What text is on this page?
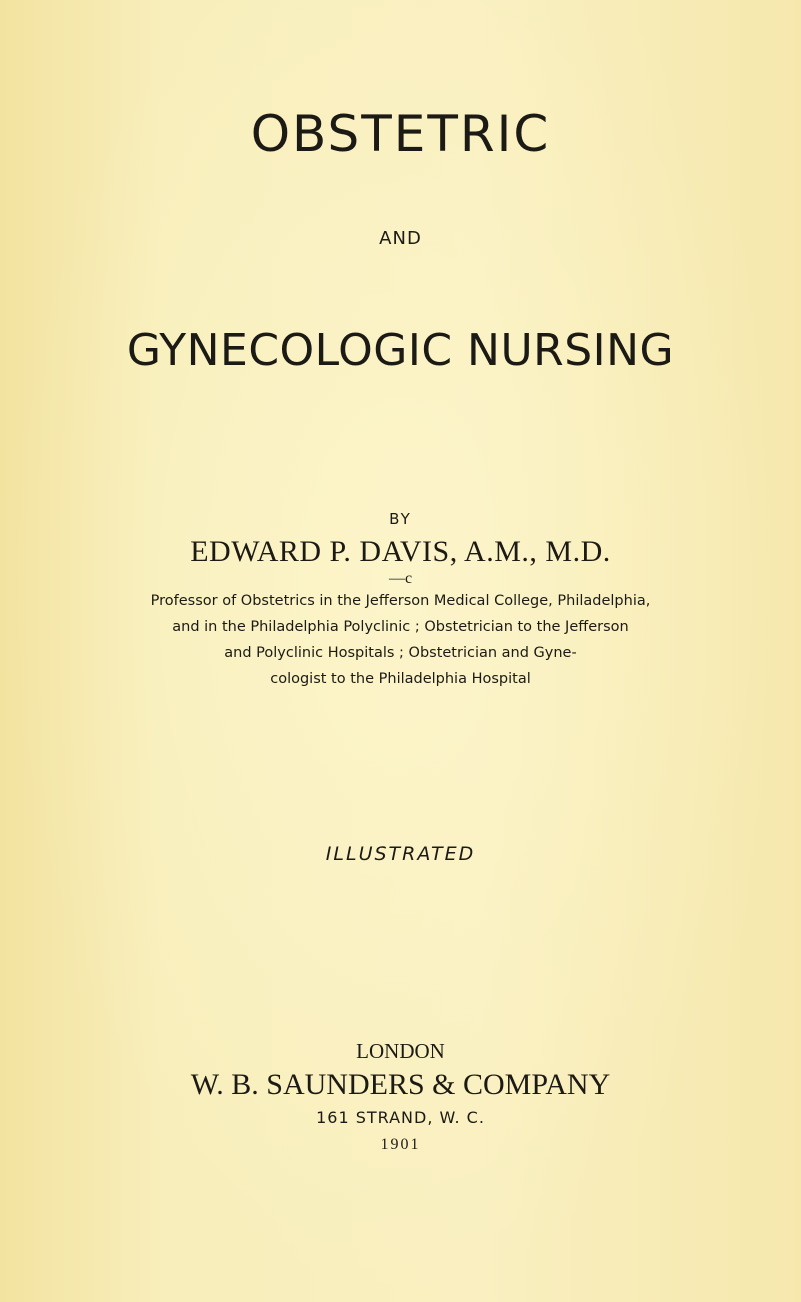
OBSTETRIC
AND
GYNECOLOGIC NURSING
BY
EDWARD P. DAVIS, A.M., M.D.
—c
Professor of Obstetrics in the Jefferson Medical College, Philadelphia,
and in the Philadelphia Polyclinic ; Obstetrician to the Jefferson
and Polyclinic Hospitals ; Obstetrician and Gyne-
cologist to the Philadelphia Hospital
ILLUSTRATED
LONDON
W. B. SAUNDERS & COMPANY
161 STRAND, W. C.
1901
